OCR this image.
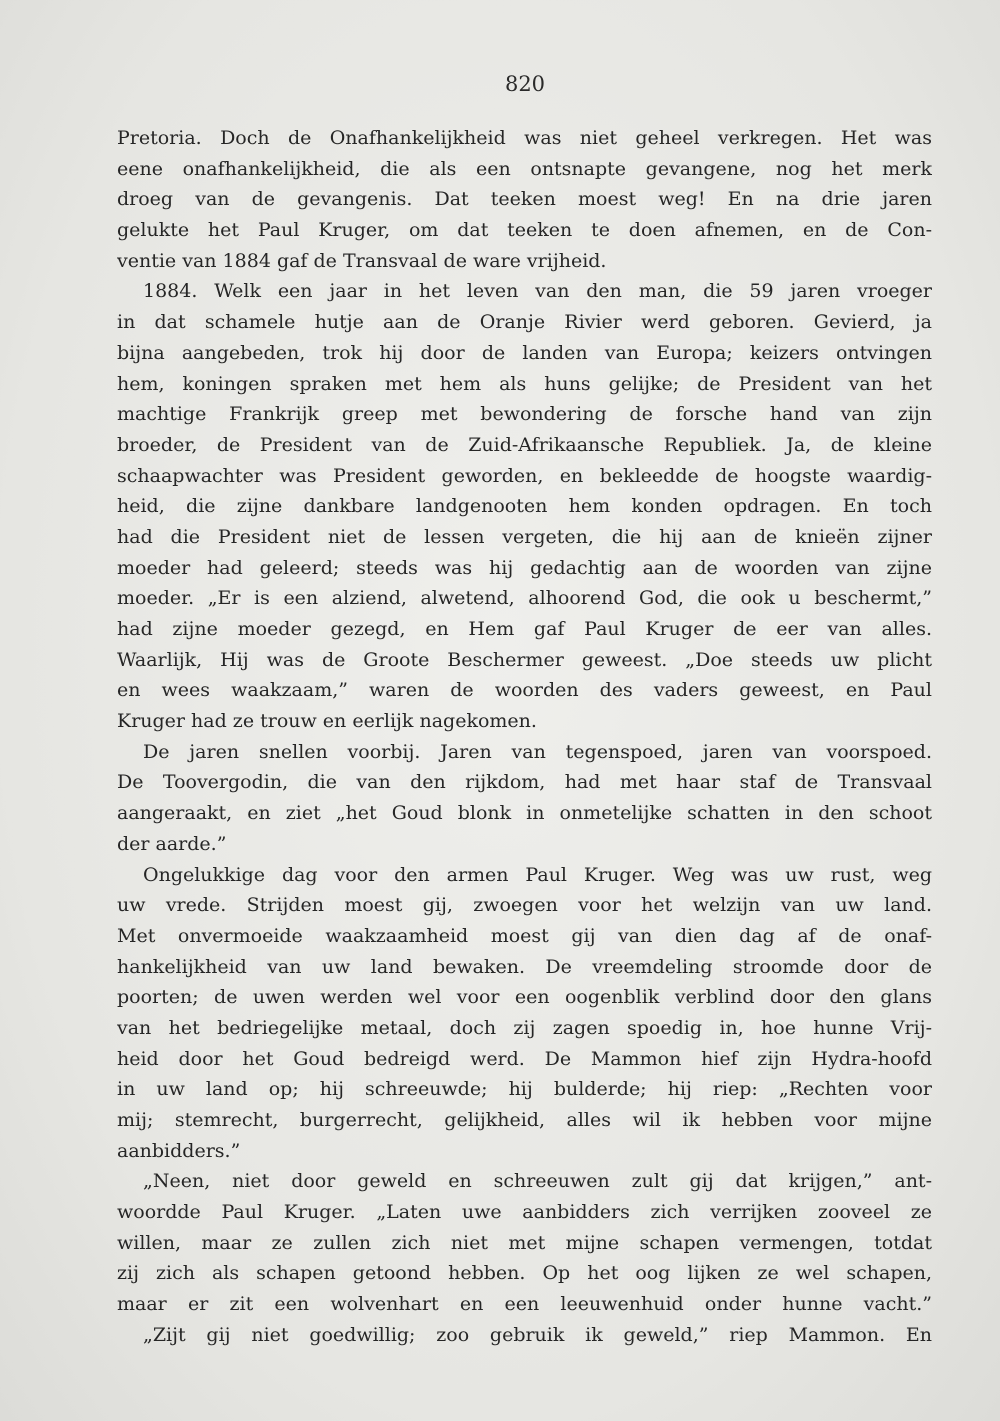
820
Pretoria. Doch de Onafhankelijkheid was niet geheel verkregen. Het was
eene onafhankelijkheid, die als een ontsnapte gevangene, nog het merk
droeg van de gevangenis. Dat teeken moest weg! En na drie jaren
gelukte het Paul Kruger, om dat teeken te doen afnemen, en de Con-
ventie van 1884 gaf de Transvaal de ware vrijheid.
1884. Welk een jaar in het leven van den man, die 59 jaren vroeger
in dat schamele hutje aan de Oranje Rivier werd geboren. Gevierd, ja
bijna aangebeden, trok hij door de landen van Europa; keizers ontvingen
hem, koningen spraken met hem als huns gelijke; de President van het
machtige Frankrijk greep met bewondering de forsche hand van zijn
broeder, de President van de Zuid-Afrikaansche Republiek. Ja, de kleine
schaapwachter was President geworden, en bekleedde de hoogste waardig-
heid, die zijne dankbare landgenooten hem konden opdragen. En toch
had die President niet de lessen vergeten, die hij aan de knieën zijner
moeder had geleerd; steeds was hij gedachtig aan de woorden van zijne
moeder. „Er is een alziend, alwetend, alhoorend God, die ook u beschermt,”
had zijne moeder gezegd, en Hem gaf Paul Kruger de eer van alles.
Waarlijk, Hij was de Groote Beschermer geweest. „Doe steeds uw plicht
en wees waakzaam,” waren de woorden des vaders geweest, en Paul
Kruger had ze trouw en eerlijk nagekomen.
De jaren snellen voorbij. Jaren van tegenspoed, jaren van voorspoed.
De Toovergodin, die van den rijkdom, had met haar staf de Transvaal
aangeraakt, en ziet „het Goud blonk in onmetelijke schatten in den schoot
der aarde.”
Ongelukkige dag voor den armen Paul Kruger. Weg was uw rust, weg
uw vrede. Strijden moest gij, zwoegen voor het welzijn van uw land.
Met onvermoeide waakzaamheid moest gij van dien dag af de onaf-
hankelijkheid van uw land bewaken. De vreemdeling stroomde door de
poorten; de uwen werden wel voor een oogenblik verblind door den glans
van het bedriegelijke metaal, doch zij zagen spoedig in, hoe hunne Vrij-
heid door het Goud bedreigd werd. De Mammon hief zijn Hydra-hoofd
in uw land op; hij schreeuwde; hij bulderde; hij riep: „Rechten voor
mij; stemrecht, burgerrecht, gelijkheid, alles wil ik hebben voor mijne
aanbidders.”
„Neen, niet door geweld en schreeuwen zult gij dat krijgen,” ant-
woordde Paul Kruger. „Laten uwe aanbidders zich verrijken zooveel ze
willen, maar ze zullen zich niet met mijne schapen vermengen, totdat
zij zich als schapen getoond hebben. Op het oog lijken ze wel schapen,
maar er zit een wolvenhart en een leeuwenhuid onder hunne vacht.”
„Zijt gij niet goedwillig; zoo gebruik ik geweld,” riep Mammon. En
